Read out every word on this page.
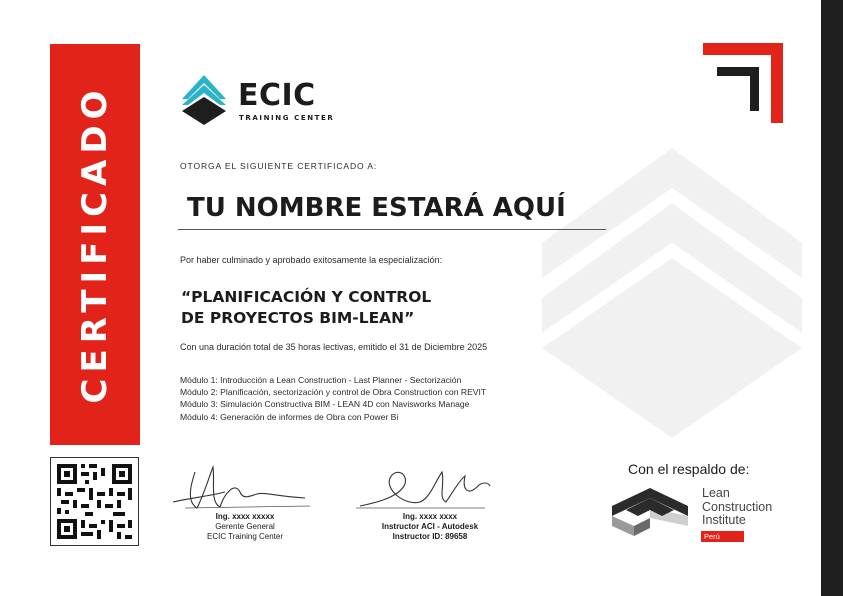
CERTIFICADO	ECIC
TRAINING CENTER
OTORGA EL SIGUIENTE CERTIFICADO A:
TU NOMBRE ESTARÁ AQUÍ
Por haber culminado y aprobado exitosamente la especialización:
“PLANIFICACIÓN Y CONTROL
DE PROYECTOS BIM-LEAN”
Con una duración total de 35 horas lectivas, emitido el 31 de Diciembre 2025
Módulo 1: Introducción a Lean Construction - Last Planner - Sectorización
Módulo 2: Planificación, sectorización y control de Obra Construction con REVIT
Módulo 3: Simulación Constructiva BIM - LEAN 4D con Navisworks Manage
Módulo 4: Generación de informes de Obra con Power Bi
Ing. xxxx xxxxx
Gerente General
ECIC Training Center
Ing. xxxx xxxx
Instructor ACI - Autodesk
Instructor ID: 89658
Con el respaldo de:
Lean
Construction
Institute
Perú
